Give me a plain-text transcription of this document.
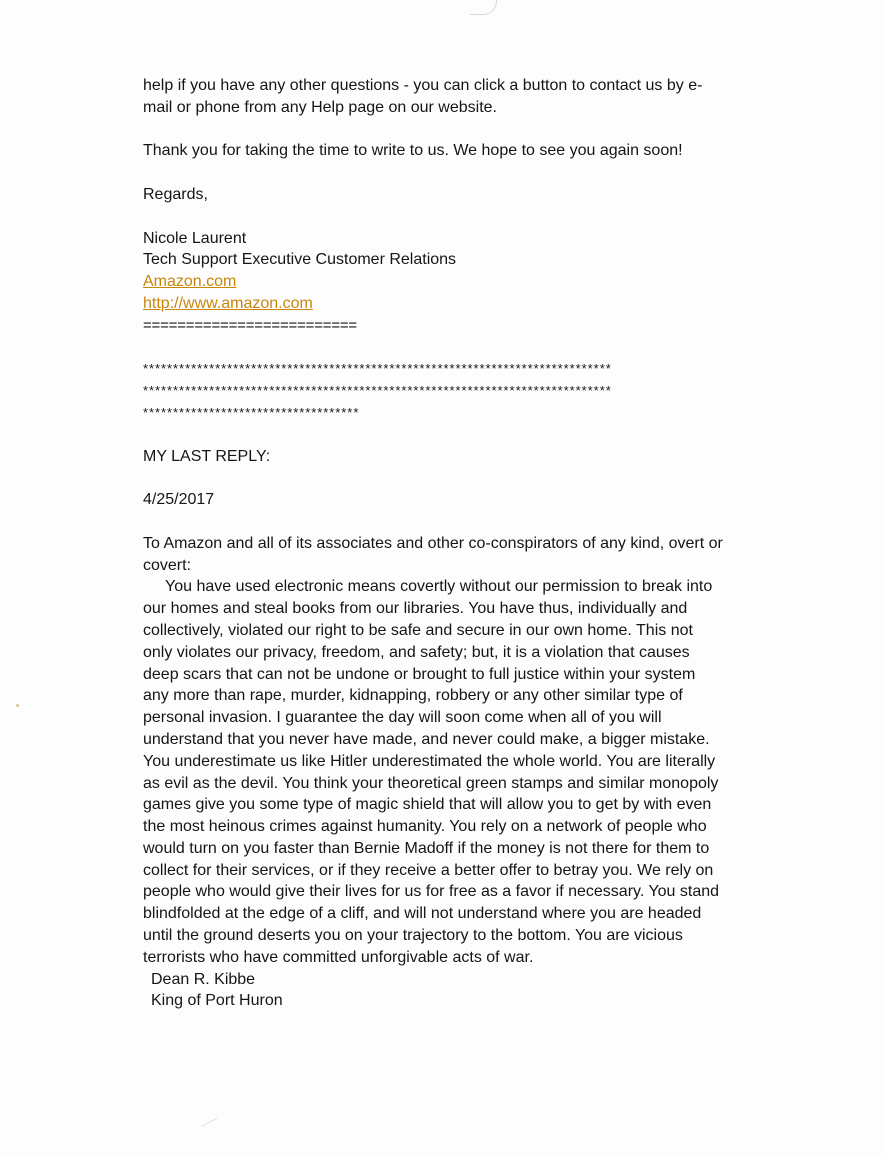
help if you have any other questions - you can click a button to contact us by e-
mail or phone from any Help page on our website.
Thank you for taking the time to write to us. We hope to see you again soon!
Regards,
Nicole Laurent
Tech Support Executive Customer Relations
Amazon.com
http://www.amazon.com
=========================
******************************************************************************
******************************************************************************
************************************
MY LAST REPLY:
4/25/2017
To Amazon and all of its associates and other co-conspirators of any kind, overt or
covert:
You have used electronic means covertly without our permission to break into
our homes and steal books from our libraries. You have thus, individually and
collectively, violated our right to be safe and secure in our own home. This not
only violates our privacy, freedom, and safety; but, it is a violation that causes
deep scars that can not be undone or brought to full justice within your system
any more than rape, murder, kidnapping, robbery or any other similar type of
personal invasion. I guarantee the day will soon come when all of you will
understand that you never have made, and never could make, a bigger mistake.
You underestimate us like Hitler underestimated the whole world. You are literally
as evil as the devil. You think your theoretical green stamps and similar monopoly
games give you some type of magic shield that will allow you to get by with even
the most heinous crimes against humanity. You rely on a network of people who
would turn on you faster than Bernie Madoff if the money is not there for them to
collect for their services, or if they receive a better offer to betray you. We rely on
people who would give their lives for us for free as a favor if necessary. You stand
blindfolded at the edge of a cliff, and will not understand where you are headed
until the ground deserts you on your trajectory to the bottom. You are vicious
terrorists who have committed unforgivable acts of war.
Dean R. Kibbe
King of Port Huron
